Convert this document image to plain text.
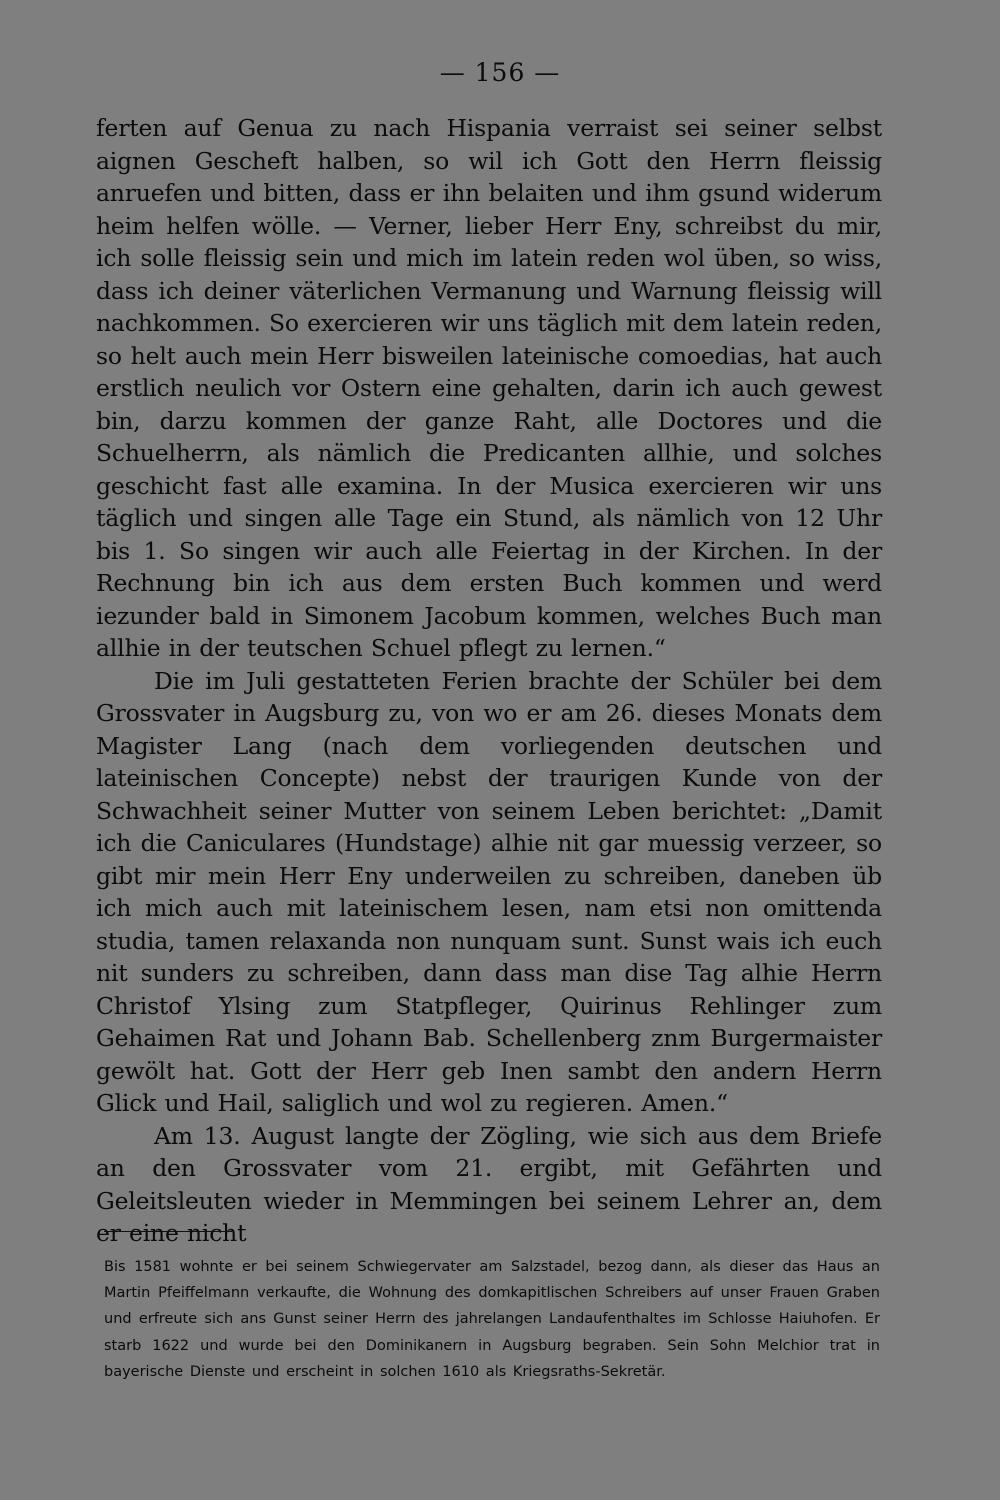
— 156 —

ferten auf Genua zu nach Hispania verraist sei seiner selbst aignen Gescheft halben, so wil ich Gott den Herrn fleissig anruefen und bitten, dass er ihn belaiten und ihm gsund widerum heim helfen wölle. — Verner, lieber Herr Eny, schreibst du mir, ich solle fleissig sein und mich im latein reden wol üben, so wiss, dass ich deiner väterlichen Vermanung und Warnung fleissig will nachkommen. So exercieren wir uns täglich mit dem latein reden, so helt auch mein Herr bisweilen lateinische comoedias, hat auch erstlich neulich vor Ostern eine gehalten, darin ich auch gewest bin, darzu kommen der ganze Raht, alle Doctores und die Schuelherrn, als nämlich die Predicanten allhie, und solches geschicht fast alle examina. In der Musica exercieren wir uns täglich und singen alle Tage ein Stund, als nämlich von 12 Uhr bis 1. So singen wir auch alle Feiertag in der Kirchen. In der Rechnung bin ich aus dem ersten Buch kommen und werd iezunder bald in Simonem Jacobum kommen, welches Buch man allhie in der teutschen Schuel pflegt zu lernen.“

Die im Juli gestatteten Ferien brachte der Schüler bei dem Grossvater in Augsburg zu, von wo er am 26. dieses Monats dem Magister Lang (nach dem vorliegenden deutschen und lateinischen Concepte) nebst der traurigen Kunde von der Schwachheit seiner Mutter von seinem Leben berichtet: „Damit ich die Caniculares (Hundstage) alhie nit gar muessig verzeer, so gibt mir mein Herr Eny underweilen zu schreiben, daneben üb ich mich auch mit lateinischem lesen, nam etsi non omittenda studia, tamen relaxanda non nunquam sunt. Sunst wais ich euch nit sunders zu schreiben, dann dass man dise Tag alhie Herrn Christof Ylsing zum Statpfleger, Quirinus Rehlinger zum Gehaimen Rat und Johann Bab. Schellenberg znm Burgermaister gewölt hat. Gott der Herr geb Inen sambt den andern Herrn Glick und Hail, saliglich und wol zu regieren. Amen.“

Am 13. August langte der Zögling, wie sich aus dem Briefe an den Grossvater vom 21. ergibt, mit Gefährten und Geleitsleuten wieder in Memmingen bei seinem Lehrer an, dem er eine nicht

Bis 1581 wohnte er bei seinem Schwiegervater am Salzstadel, bezog dann, als dieser das Haus an Martin Pfeiffelmann verkaufte, die Wohnung des domkapitlischen Schreibers auf unser Frauen Graben und erfreute sich ans Gunst seiner Herrn des jahrelangen Landaufenthaltes im Schlosse Haiuhofen. Er starb 1622 und wurde bei den Dominikanern in Augsburg begraben. Sein Sohn Melchior trat in bayerische Dienste und erscheint in solchen 1610 als Kriegsraths-Sekretär.
